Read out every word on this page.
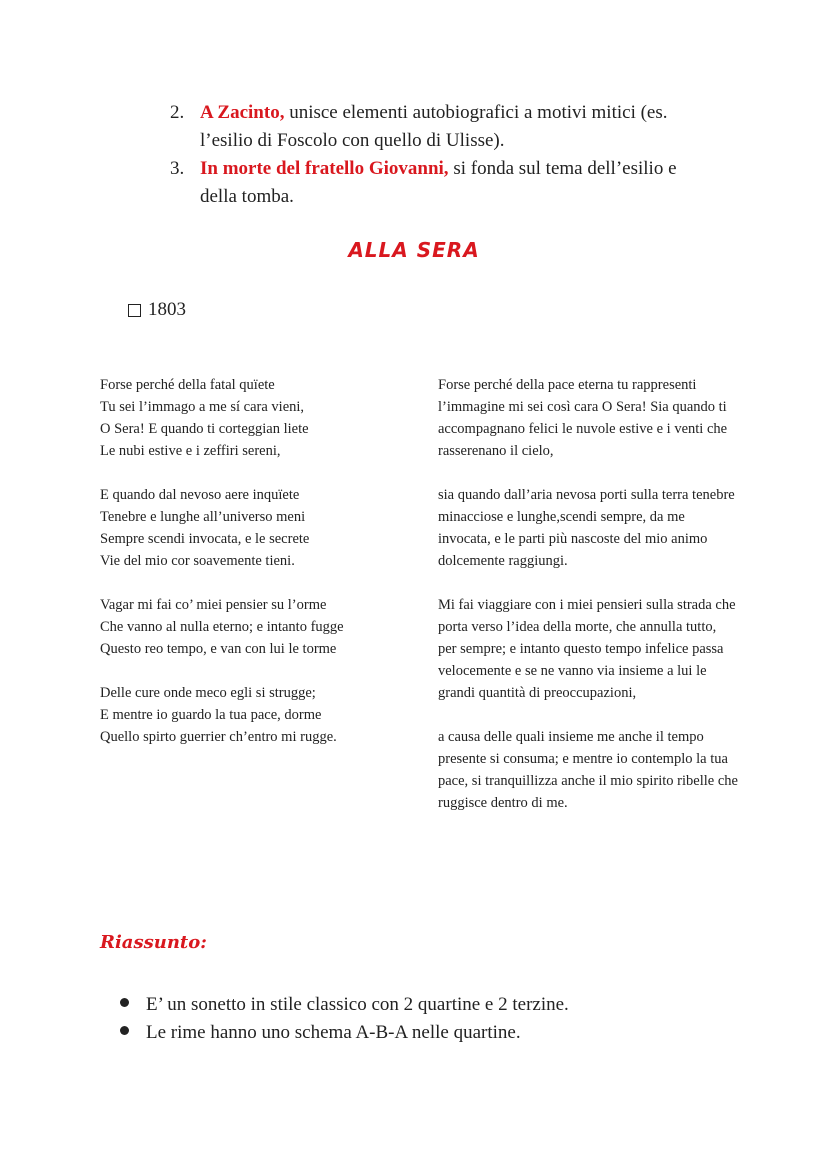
2. A Zacinto, unisce elementi autobiografici a motivi mitici (es.
l’esilio di Foscolo con quello di Ulisse).
3. In morte del fratello Giovanni, si fonda sul tema dell’esilio e
della tomba.
ALLA SERA
1803
Forse perché della fatal quïete
Tu sei l’immago a me sí cara vieni,
O Sera! E quando ti corteggian liete
Le nubi estive e i zeffiri sereni,
E quando dal nevoso aere inquïete
Tenebre e lunghe all’universo meni
Sempre scendi invocata, e le secrete
Vie del mio cor soavemente tieni.
Vagar mi fai co’ miei pensier su l’orme
Che vanno al nulla eterno; e intanto fugge
Questo reo tempo, e van con lui le torme
Delle cure onde meco egli si strugge;
E mentre io guardo la tua pace, dorme
Quello spirto guerrier ch’entro mi rugge.

Forse perché della pace eterna tu rappresenti l’immagine mi sei così cara O Sera! Sia quando ti accompagnano felici le nuvole estive e i venti che rasserenano il cielo,

sia quando dall’aria nevosa porti sulla terra tenebre minacciose e lunghe,scendi sempre, da me invocata, e le parti più nascoste del mio animo dolcemente raggiungi.

Mi fai viaggiare con i miei pensieri sulla strada che porta verso l’idea della morte, che annulla tutto, per sempre; e intanto questo tempo infelice passa velocemente e se ne vanno via insieme a lui le grandi quantità di preoccupazioni,

a causa delle quali insieme me anche il tempo presente si consuma; e mentre io contemplo la tua pace, si tranquillizza anche il mio spirito ribelle che ruggisce dentro di me.

Riassunto:
E’ un sonetto in stile classico con 2 quartine e 2 terzine.
Le rime hanno uno schema A-B-A nelle quartine.
